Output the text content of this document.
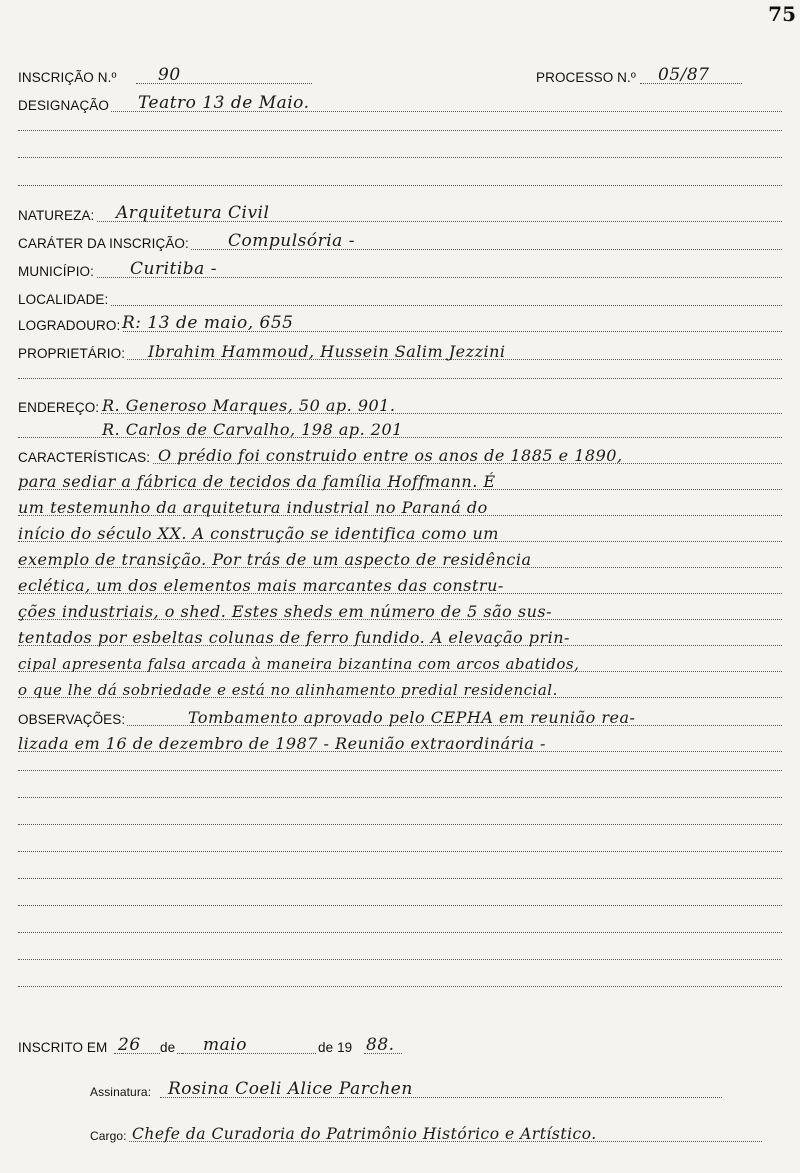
75
INSCRIÇÃO N.º 90	PROCESSO N.º 05/87
DESIGNAÇÃO Teatro 13 de Maio.
NATUREZA: Arquitetura Civil
CARÁTER DA INSCRIÇÃO: Compulsória -
MUNICÍPIO: Curitiba -
LOCALIDADE:
LOGRADOURO: R: 13 de maio, 655
PROPRIETÁRIO: Ibrahim Hammoud, Hussein Salim Jezzini
ENDEREÇO: R. Generoso Marques, 50 ap. 901.
R. Carlos de Carvalho, 198 ap. 201
CARACTERÍSTICAS: O prédio foi construido entre os anos de 1885 e 1890,
para sediar a fábrica de tecidos da família Hoffmann. É
um testemunho da arquitetura industrial no Paraná do
início do século XX. A construção se identifica como um
exemplo de transição. Por trás de um aspecto de residência
eclética, um dos elementos mais marcantes das constru-
ções industriais, o shed. Estes sheds em número de 5 são sus-
tentados por esbeltas colunas de ferro fundido. A elevação prin-
cipal apresenta falsa arcada à maneira bizantina com arcos abatidos,
o que lhe dá sobriedade e está no alinhamento predial residencial.
OBSERVAÇÕES:	Tombamento aprovado pelo CEPHA em reunião rea-
lizada em 16 de dezembro de 1987 - Reunião extraordinária -
INSCRITO EM 26 de maio	de 19 88.
Assinatura: Rosina Coeli Alice Parchen
Cargo: Chefe da Curadoria do Patrimônio Histórico e Artístico.
